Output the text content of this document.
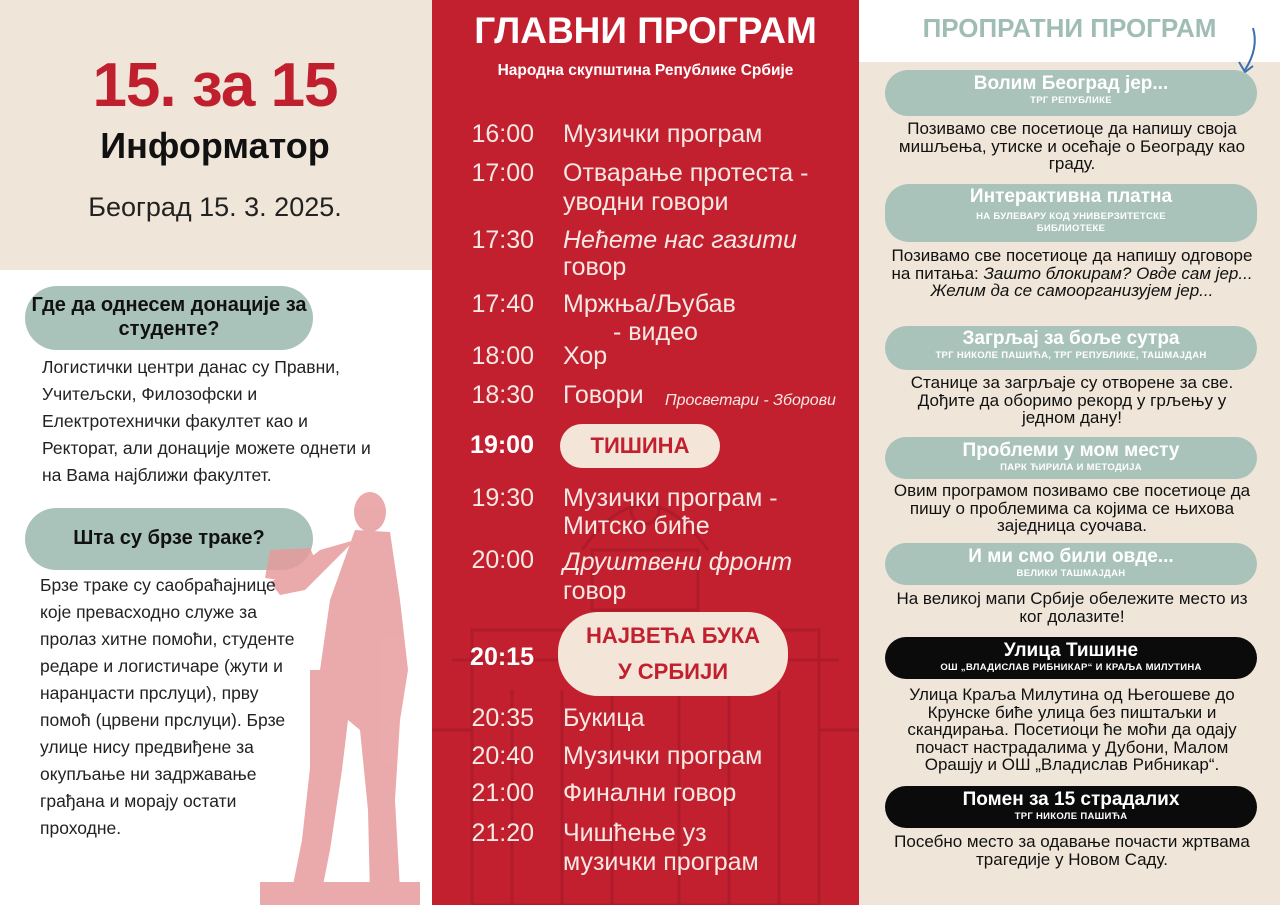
15. за 15
Информатор
Београд 15. 3. 2025.
Где да однесем донације за студенте?
Логистички центри данас су Правни, Учитељски, Филозофски и Електротехнички факултет као и Ректорат, али донације можете однети и на Вама најближи факултет.
Шта су брзе траке?
Брзе траке су саобраћајнице које превасходно служе за пролаз хитне помоћи, студенте редаре и логистичаре (жути и наранџасти прслуци), прву помоћ (црвени прслуци). Брзе улице нису предвиђене за окупљање ни задржавање грађана и морају остати проходне.
ГЛАВНИ ПРОГРАМ
Народна скупштина Републике Србије
16:00 Музички програм
17:00 Отварање протеста -
уводни говори
17:30 Нећете нас газити
говор
17:40 Мржња/Љубав
- видео
18:00 Хор
18:30 Говори	Просветари - Зборови
19:00	ТИШИНА
19:30 Музички програм -
Митско биће
20:00 Друштвени фронт
говор
20:15
НАЈВЕЋА БУКА
У СРБИЈИ
20:35 Букица
20:40 Музички програм
21:00 Финални говор
21:20 Чишћење уз
музички програм
ПРОПРАТНИ ПРОГРАМ
Волим Београд јер...
ТРГ РЕПУБЛИКЕ
Позивамо све посетиоце да напишу своја мишљења, утиске и осећаје о Београду као граду.
Интерактивна платна
НА БУЛЕВАРУ КОД УНИВЕРЗИТЕТСКЕ БИБЛИОТЕКЕ
Позивамо све посетиоце да напишу одговоре на питања: Зашто блокирам? Овде сам јер... Желим да се самоорганизујем јер...
Загрљај за боље сутра
ТРГ НИКОЛЕ ПАШИЋА, ТРГ РЕПУБЛИКЕ, ТАШМАЈДАН
Станице за загрљаје су отворене за све. Дођите да оборимо рекорд у грљењу у једном дану!
Проблеми у мом месту
ПАРК ЋИРИЛА И МЕТОДИЈА
Овим програмом позивамо све посетиоце да пишу о проблемима са којима се њихова заједница суочава.
И ми смо били овде...
ВЕЛИКИ ТАШМАЈДАН
На великој мапи Србије обележите место из ког долазите!
Улица Тишине
ОШ „ВЛАДИСЛАВ РИБНИКАР“ И КРАЉА МИЛУТИНА
Улица Краља Милутина од Његошеве до Крунске биће улица без пиштаљки и скандирања. Посетиоци ће моћи да одају почаст настрадалима у Дубони, Малом Орашју и ОШ „Владислав Рибникар“.
Помен за 15 страдалих
ТРГ НИКОЛЕ ПАШИЋА
Посебно место за одавање почасти жртвама трагедије у Новом Саду.
